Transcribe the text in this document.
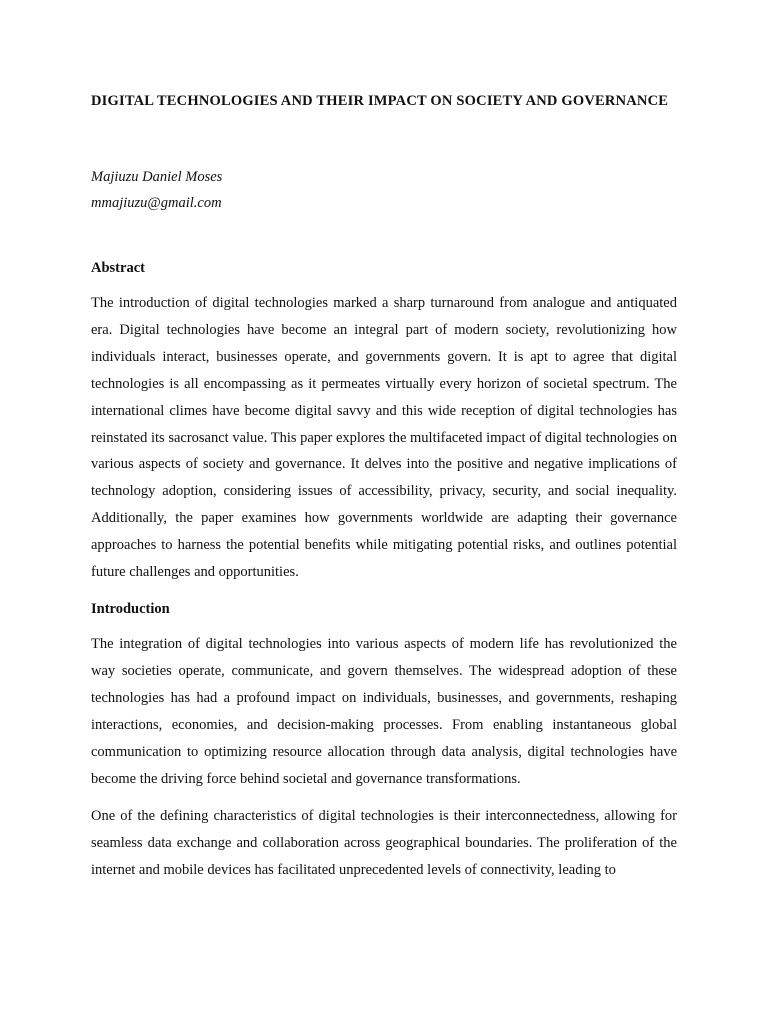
DIGITAL TECHNOLOGIES AND THEIR IMPACT ON SOCIETY AND GOVERNANCE

Majiuzu Daniel Moses
mmajiuzu@gmail.com

Abstract

The introduction of digital technologies marked a sharp turnaround from analogue and antiquated era. Digital technologies have become an integral part of modern society, revolutionizing how individuals interact, businesses operate, and governments govern. It is apt to agree that digital technologies is all encompassing as it permeates virtually every horizon of societal spectrum. The international climes have become digital savvy and this wide reception of digital technologies has reinstated its sacrosanct value. This paper explores the multifaceted impact of digital technologies on various aspects of society and governance. It delves into the positive and negative implications of technology adoption, considering issues of accessibility, privacy, security, and social inequality. Additionally, the paper examines how governments worldwide are adapting their governance approaches to harness the potential benefits while mitigating potential risks, and outlines potential future challenges and opportunities.

Introduction

The integration of digital technologies into various aspects of modern life has revolutionized the way societies operate, communicate, and govern themselves. The widespread adoption of these technologies has had a profound impact on individuals, businesses, and governments, reshaping interactions, economies, and decision-making processes. From enabling instantaneous global communication to optimizing resource allocation through data analysis, digital technologies have become the driving force behind societal and governance transformations.

One of the defining characteristics of digital technologies is their interconnectedness, allowing for seamless data exchange and collaboration across geographical boundaries. The proliferation of the internet and mobile devices has facilitated unprecedented levels of connectivity, leading to
